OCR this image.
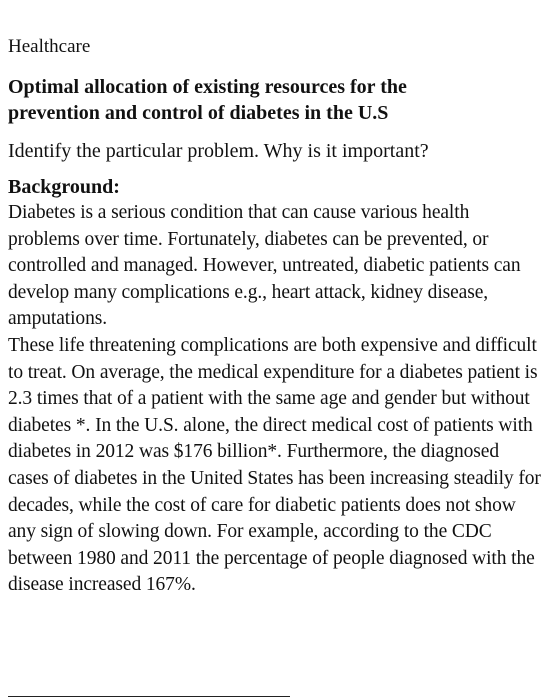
Healthcare

Optimal allocation of existing resources for the prevention and control of diabetes in the U.S

Identify the particular problem. Why is it important?

Background:

Diabetes is a serious condition that can cause various health problems over time. Fortunately, diabetes can be prevented, or controlled and managed. However, untreated, diabetic patients can develop many complications e.g., heart attack, kidney disease, amputations.

These life threatening complications are both expensive and difficult to treat. On average, the medical expenditure for a diabetes patient is 2.3 times that of a patient with the same age and gender but without diabetes *. In the U.S. alone, the direct medical cost of patients with diabetes in 2012 was $176 billion*. Furthermore, the diagnosed cases of diabetes in the United States has been increasing steadily for decades, while the cost of care for diabetic patients does not show any sign of slowing down. For example, according to the CDC between 1980 and 2011 the percentage of people diagnosed with the disease increased 167%.
